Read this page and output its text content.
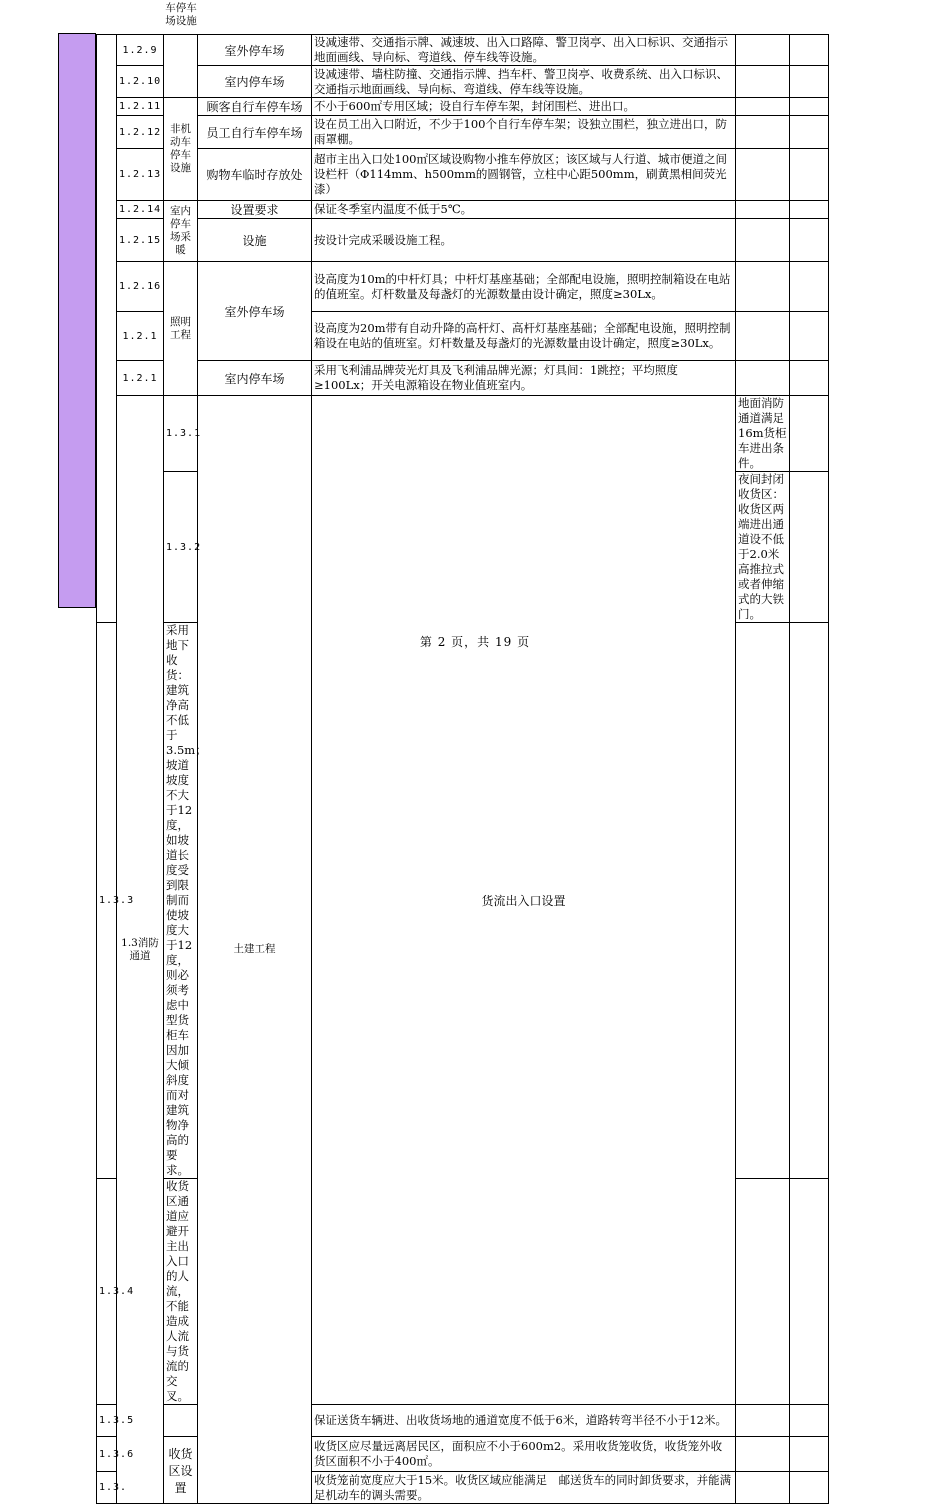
车停车场设施
	1.2.9		室外停车场	设减速带、交通指示牌、减速坡、出入口路障、警卫岗亭、出入口标识、交通指示地面画线、导向标、弯道线、停车线等设施。			
	1.2.10		室内停车场	设减速带、墙柱防撞、交通指示牌、挡车杆、警卫岗亭、收费系统、出入口标识、交通指示地面画线、导向标、弯道线、停车线等设施。			
	1.2.11	非机动车停车设施	顾客自行车停车场	不小于600㎡专用区域；设自行车停车架，封闭围栏、进出口。			
	1.2.12		员工自行车停车场	设在员工出入口附近，不少于100个自行车停车架；设独立围栏，独立进出口，防雨罩棚。			
	1.2.13		购物车临时存放处	超市主出入口处100㎡区域设购物小推车停放区；该区域与人行道、城市便道之间设栏杆（Φ114mm、h500mm的圆钢管，立柱中心距500mm，刷黄黑相间荧光漆）			
	1.2.14	室内停车场采暖	设置要求	保证冬季室内温度不低于5℃。			
	1.2.15		设施	按设计完成采暖设施工程。			
	1.2.16	照明工程	室外停车场	设高度为10m的中杆灯具；中杆灯基座基础；全部配电设施，照明控制箱设在电站的值班室。灯杆数量及每盏灯的光源数量由设计确定，照度≥30Lx。			
	1.2.1			设高度为20m带有自动升降的高杆灯、高杆灯基座基础；全部配电设施，照明控制箱设在电站的值班室。灯杆数量及每盏灯的光源数量由设计确定，照度≥30Lx。			
	1.2.1		室内停车场	采用飞利浦品牌荧光灯具及飞利浦品牌光源；灯具间：1跳控；平均照度≥100Lx；开关电源箱设在物业值班室内。			
	1.3消防通道	1.3.1	土建工程	货流出入口设置	地面消防通道满足16m货柜车进出条件。		
		1.3.2			夜间封闭收货区：收货区两端进出通道设不低于2.0米高推拉式或者伸缩式的大铁门。		
1.3.3		采用地下收货：建筑净高不低于3.5m；坡道坡度不大于12度，如坡道长度受到限制而使坡度大于12度，则必须考虑中型货柜车因加大倾斜度而对建筑物净高的要求。					
1.3.4		收货区通道应避开主出入口的人流，不能造成人流与货流的交叉。					
1.3.5				保证送货车辆进、出收货场地的通道宽度不低于6米，道路转弯半径不小于12米。			
1.3.6		收货区设置		收货区应尽量远离居民区，面积应不小于600m2。采用收货笼收货，收货笼外收货区面积不小于400㎡。			
1.3.				收货笼前宽度应大于15米。收货区域应能满足　邮送货车的同时卸货要求，并能满足机动车的调头需要。			
第 2 页，共 19 页
